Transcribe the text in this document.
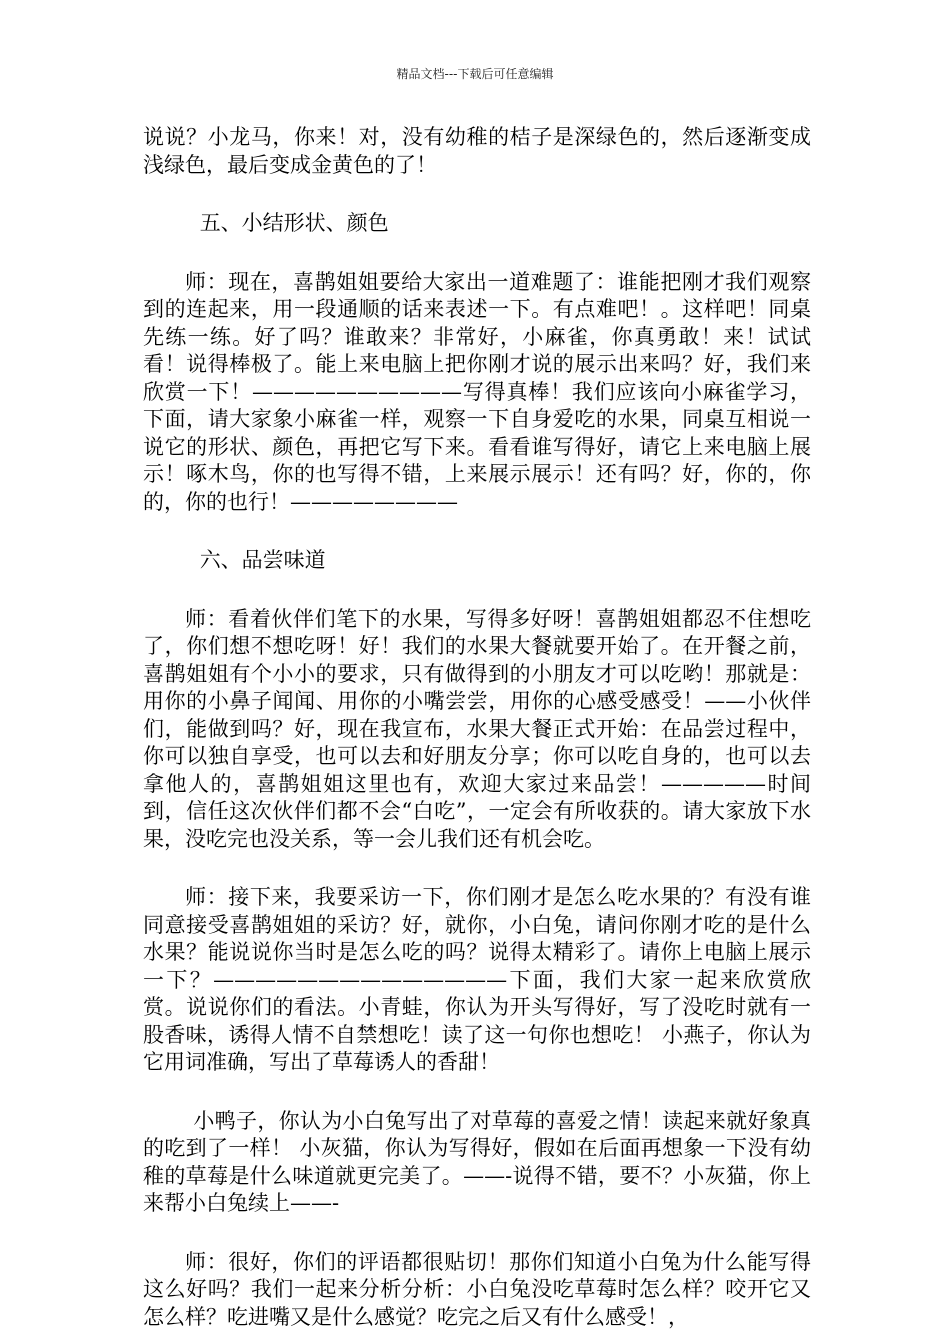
精品文档---下载后可任意编辑

说说？小龙马，你来！对，没有幼稚的桔子是深绿色的，然后逐渐变成浅绿色，最后变成金黄色的了！

五、小结形状、颜色

师：现在，喜鹊姐姐要给大家出一道难题了：谁能把刚才我们观察到的连起来，用一段通顺的话来表述一下。有点难吧！。这样吧！同桌先练一练。好了吗？谁敢来？非常好，小麻雀，你真勇敢！来！试试看！说得棒极了。能上来电脑上把你刚才说的展示出来吗？好，我们来欣赏一下！——————————写得真棒！我们应该向小麻雀学习，下面，请大家象小麻雀一样，观察一下自身爱吃的水果，同桌互相说一说它的形状、颜色，再把它写下来。看看谁写得好，请它上来电脑上展示！啄木鸟，你的也写得不错，上来展示展示！还有吗？好，你的，你的，你的也行！————————

六、品尝味道

师：看着伙伴们笔下的水果，写得多好呀！喜鹊姐姐都忍不住想吃了，你们想不想吃呀！好！我们的水果大餐就要开始了。在开餐之前，喜鹊姐姐有个小小的要求，只有做得到的小朋友才可以吃哟！那就是：用你的小鼻子闻闻、用你的小嘴尝尝，用你的心感受感受！——小伙伴们，能做到吗？好，现在我宣布，水果大餐正式开始：在品尝过程中，你可以独自享受，也可以去和好朋友分享；你可以吃自身的，也可以去拿他人的，喜鹊姐姐这里也有，欢迎大家过来品尝！—————时间到，信任这次伙伴们都不会“白吃”，一定会有所收获的。请大家放下水果，没吃完也没关系，等一会儿我们还有机会吃。

师：接下来，我要采访一下，你们刚才是怎么吃水果的？有没有谁同意接受喜鹊姐姐的采访？好，就你，小白兔，请问你刚才吃的是什么水果？能说说你当时是怎么吃的吗？说得太精彩了。请你上电脑上展示一下？——————————————下面，我们大家一起来欣赏欣赏。说说你们的看法。小青蛙，你认为开头写得好，写了没吃时就有一股香味，诱得人情不自禁想吃！读了这一句你也想吃！ 小燕子，你认为它用词准确，写出了草莓诱人的香甜！

小鸭子，你认为小白兔写出了对草莓的喜爱之情！读起来就好象真的吃到了一样！ 小灰猫，你认为写得好，假如在后面再想象一下没有幼稚的草莓是什么味道就更完美了。——-说得不错，要不？小灰猫，你上来帮小白兔续上——-

师：很好，你们的评语都很贴切！那你们知道小白兔为什么能写得这么好吗？我们一起来分析分析：小白兔没吃草莓时怎么样？咬开它又怎么样？吃进嘴又是什么感觉？吃完之后又有什么感受！，
